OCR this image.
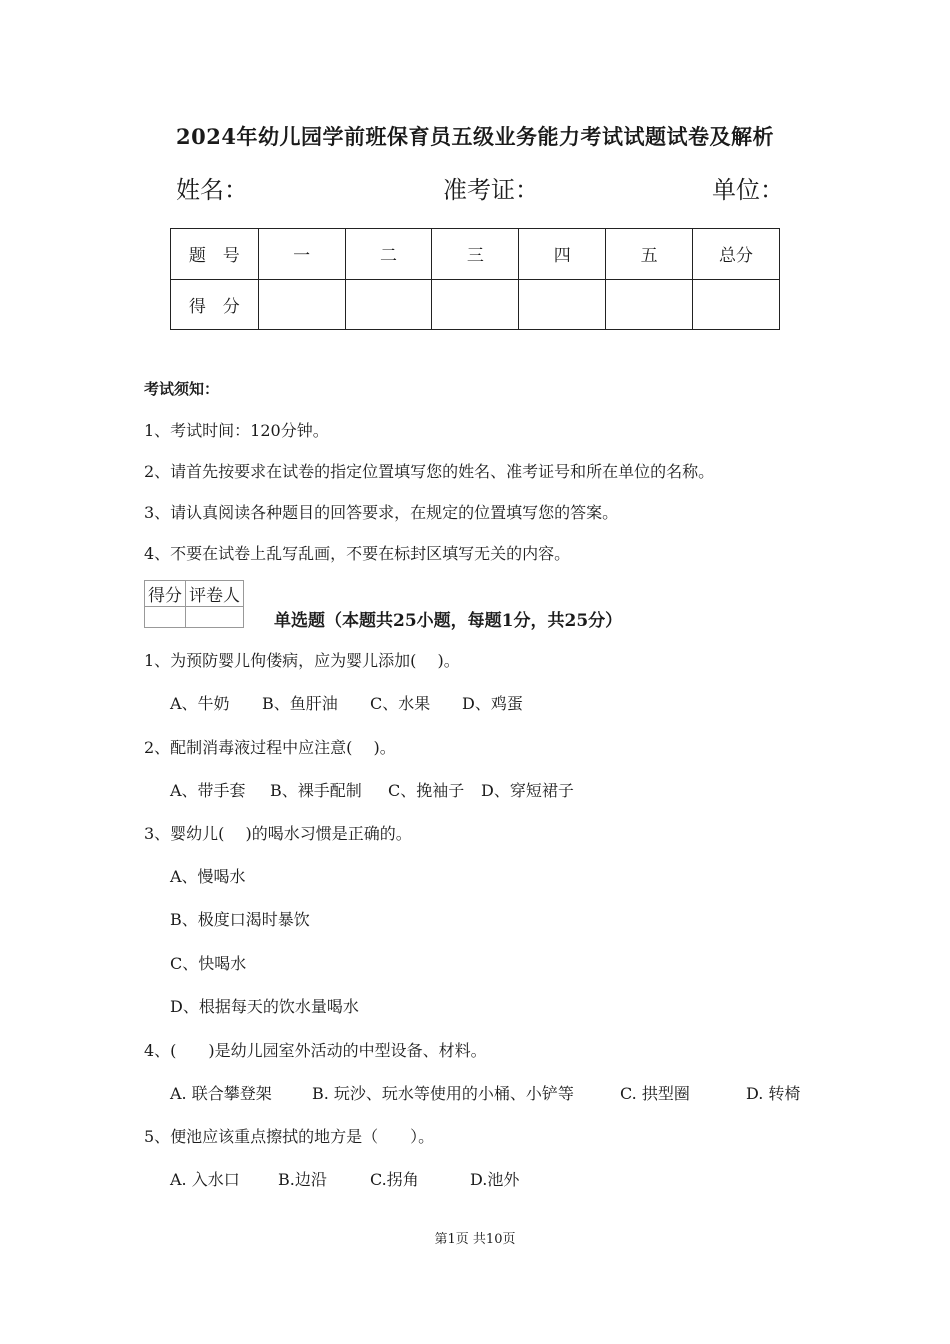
2024年幼儿园学前班保育员五级业务能力考试试题试卷及解析
姓名：	准考证：	单位：
题　号	一	二	三	四	五	总分
得　分						
考试须知：
1、考试时间：120分钟。
2、请首先按要求在试卷的指定位置填写您的姓名、准考证号和所在单位的名称。
3、请认真阅读各种题目的回答要求，在规定的位置填写您的答案。
4、不要在试卷上乱写乱画，不要在标封区填写无关的内容。
得分	评卷人

单选题（本题共25小题，每题1分，共25分）
1、为预防婴儿佝偻病，应为婴儿添加(　 )。
A、牛奶 B、鱼肝油 C、水果 D、鸡蛋
2、配制消毒液过程中应注意(　 )。
A、带手套 B、裸手配制 C、挽袖子 D、穿短裙子
3、婴幼儿(　 )的喝水习惯是正确的。
A、慢喝水
B、极度口渴时暴饮
C、快喝水
D、根据每天的饮水量喝水
4、(　　)是幼儿园室外活动的中型设备、材料。
A. 联合攀登架	B. 玩沙、玩水等使用的小桶、小铲等	C. 拱型圈	D. 转椅
5、便池应该重点擦拭的地方是（　　）。
A. 入水口 B.边沿	C.拐角	D.池外
第1页 共10页
